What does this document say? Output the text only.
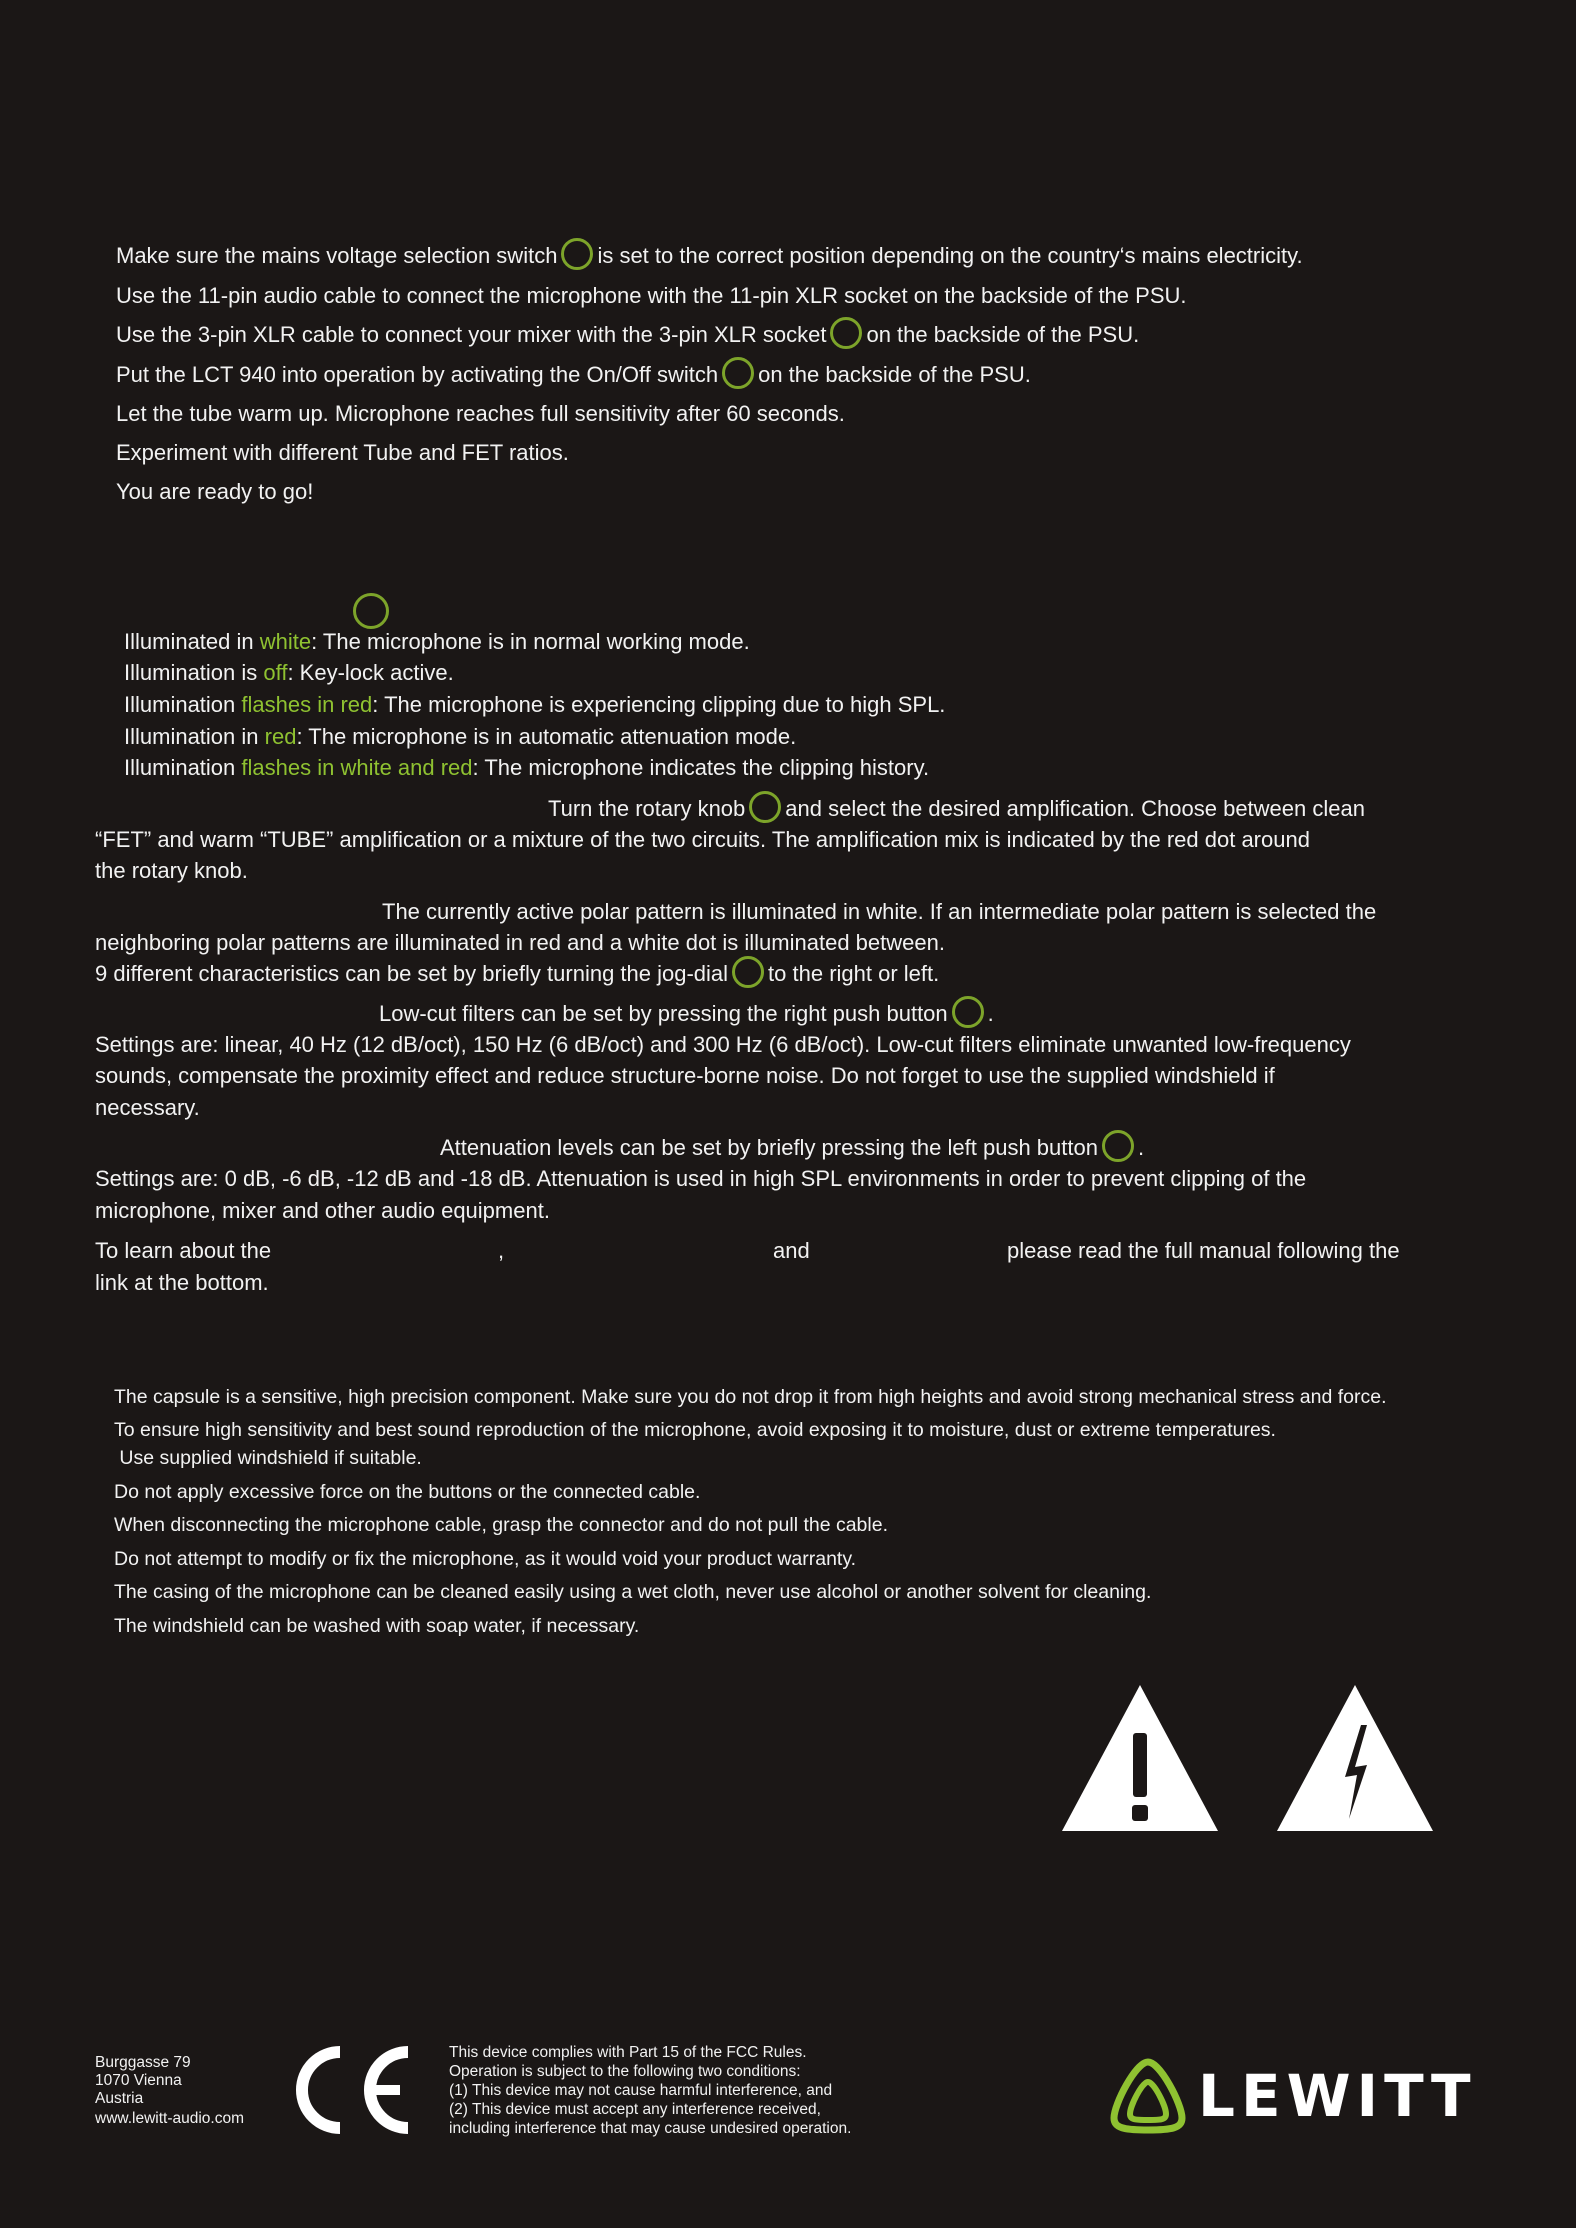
Make sure the mains voltage selection switch is set to the correct position depending on the country‘s mains electricity.
Use the 11-pin audio cable to connect the microphone with the 11-pin XLR socket on the backside of the PSU.
Use the 3-pin XLR cable to connect your mixer with the 3-pin XLR socket on the backside of the PSU.
Put the LCT 940 into operation by activating the On/Off switch on the backside of the PSU.
Let the tube warm up. Microphone reaches full sensitivity after 60 seconds.
Experiment with different Tube and FET ratios.
You are ready to go!
Illuminated in white: The microphone is in normal working mode.
Illumination is off: Key-lock active.
Illumination flashes in red: The microphone is experiencing clipping due to high SPL.
Illumination in red: The microphone is in automatic attenuation mode.
Illumination flashes in white and red: The microphone indicates the clipping history.
Turn the rotary knob and select the desired amplification. Choose between clean
“FET” and warm “TUBE” amplification or a mixture of the two circuits. The amplification mix is indicated by the red dot around
the rotary knob.
The currently active polar pattern is illuminated in white. If an intermediate polar pattern is selected the
neighboring polar patterns are illuminated in red and a white dot is illuminated between.
9 different characteristics can be set by briefly turning the jog-dial to the right or left.
Low-cut filters can be set by pressing the right push button .
Settings are: linear, 40 Hz (12 dB/oct), 150 Hz (6 dB/oct) and 300 Hz (6 dB/oct). Low-cut filters eliminate unwanted low-frequency
sounds, compensate the proximity effect and reduce structure-borne noise. Do not forget to use the supplied windshield if
necessary.
Attenuation levels can be set by briefly pressing the left push button .
Settings are: 0 dB, -6 dB, -12 dB and -18 dB. Attenuation is used in high SPL environments in order to prevent clipping of the
microphone, mixer and other audio equipment.
To learn about the	,	and	please read the full manual following the
link at the bottom.
The capsule is a sensitive, high precision component. Make sure you do not drop it from high heights and avoid strong mechanical stress and force.
To ensure high sensitivity and best sound reproduction of the microphone, avoid exposing it to moisture, dust or extreme temperatures.
Use supplied windshield if suitable.
Do not apply excessive force on the buttons or the connected cable.
When disconnecting the microphone cable, grasp the connector and do not pull the cable.
Do not attempt to modify or fix the microphone, as it would void your product warranty.
The casing of the microphone can be cleaned easily using a wet cloth, never use alcohol or another solvent for cleaning.
The windshield can be washed with soap water, if necessary.
Burggasse 79
1070 Vienna
Austria
www.lewitt-audio.com
This device complies with Part 15 of the FCC Rules.
Operation is subject to the following two conditions:
(1) This device may not cause harmful interference, and
(2) This device must accept any interference received,
including interference that may cause undesired operation.	LEWITT
